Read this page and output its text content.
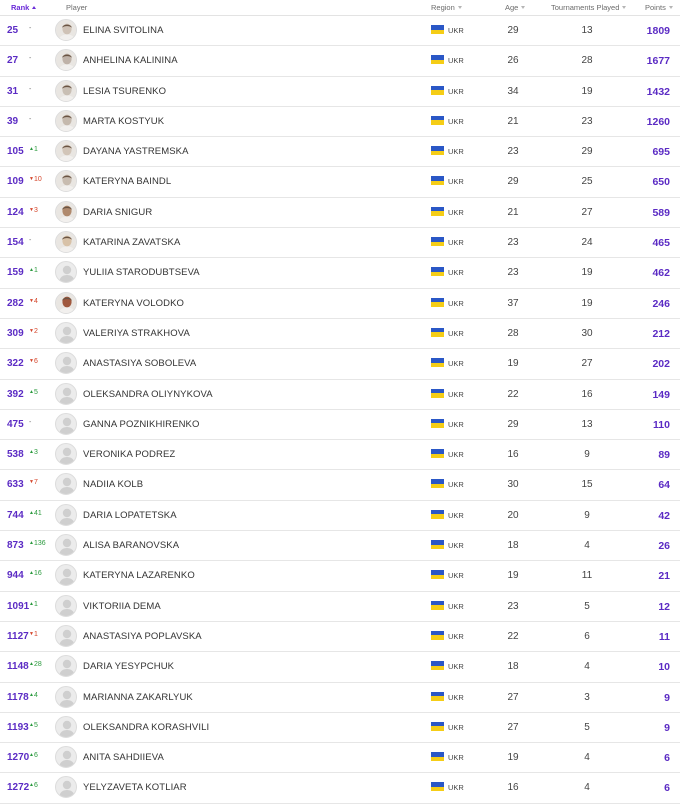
Rank	Player	Region	Age	Tournaments Played	Points
25 -	ELINA SVITOLINA	UKR	29	13	1809
27 -	ANHELINA KALININA	UKR	26	28	1677
31 -	LESIA TSURENKO	UKR	34	19	1432
39 -	MARTA KOSTYUK	UKR	21	23	1260
105 ▲1	DAYANA YASTREMSKA	UKR	23	29	695
109 ▼10	KATERYNA BAINDL	UKR	29	25	650
124 ▼3	DARIA SNIGUR	UKR	21	27	589
154 -	KATARINA ZAVATSKA	UKR	23	24	465
159 ▲1	YULIIA STARODUBTSEVA	UKR	23	19	462
282 ▼4	KATERYNA VOLODKO	UKR	37	19	246
309 ▼2	VALERIYA STRAKHOVA	UKR	28	30	212
322 ▼6	ANASTASIYA SOBOLEVA	UKR	19	27	202
392 ▲5	OLEKSANDRA OLIYNYKOVA	UKR	22	16	149
475 -	GANNA POZNIKHIRENKO	UKR	29	13	110
538 ▲3	VERONIKA PODREZ	UKR	16	9	89
633 ▼7	NADIIA KOLB	UKR	30	15	64
744 ▲41	DARIA LOPATETSKA	UKR	20	9	42
873 ▲136	ALISA BARANOVSKA	UKR	18	4	26
944 ▲16	KATERYNA LAZARENKO	UKR	19	11	21
1091 ▲1	VIKTORIIA DEMA	UKR	23	5	12
1127 ▼1	ANASTASIYA POPLAVSKA	UKR	22	6	11
1148 ▲28	DARIA YESYPCHUK	UKR	18	4	10
1178 ▲4	MARIANNA ZAKARLYUK	UKR	27	3	9
1193 ▲5	OLEKSANDRA KORASHVILI	UKR	27	5	9
1270 ▲6	ANITA SAHDIIEVA	UKR	19	4	6
1272 ▲6	YELYZAVETA KOTLIAR	UKR	16	4	6
